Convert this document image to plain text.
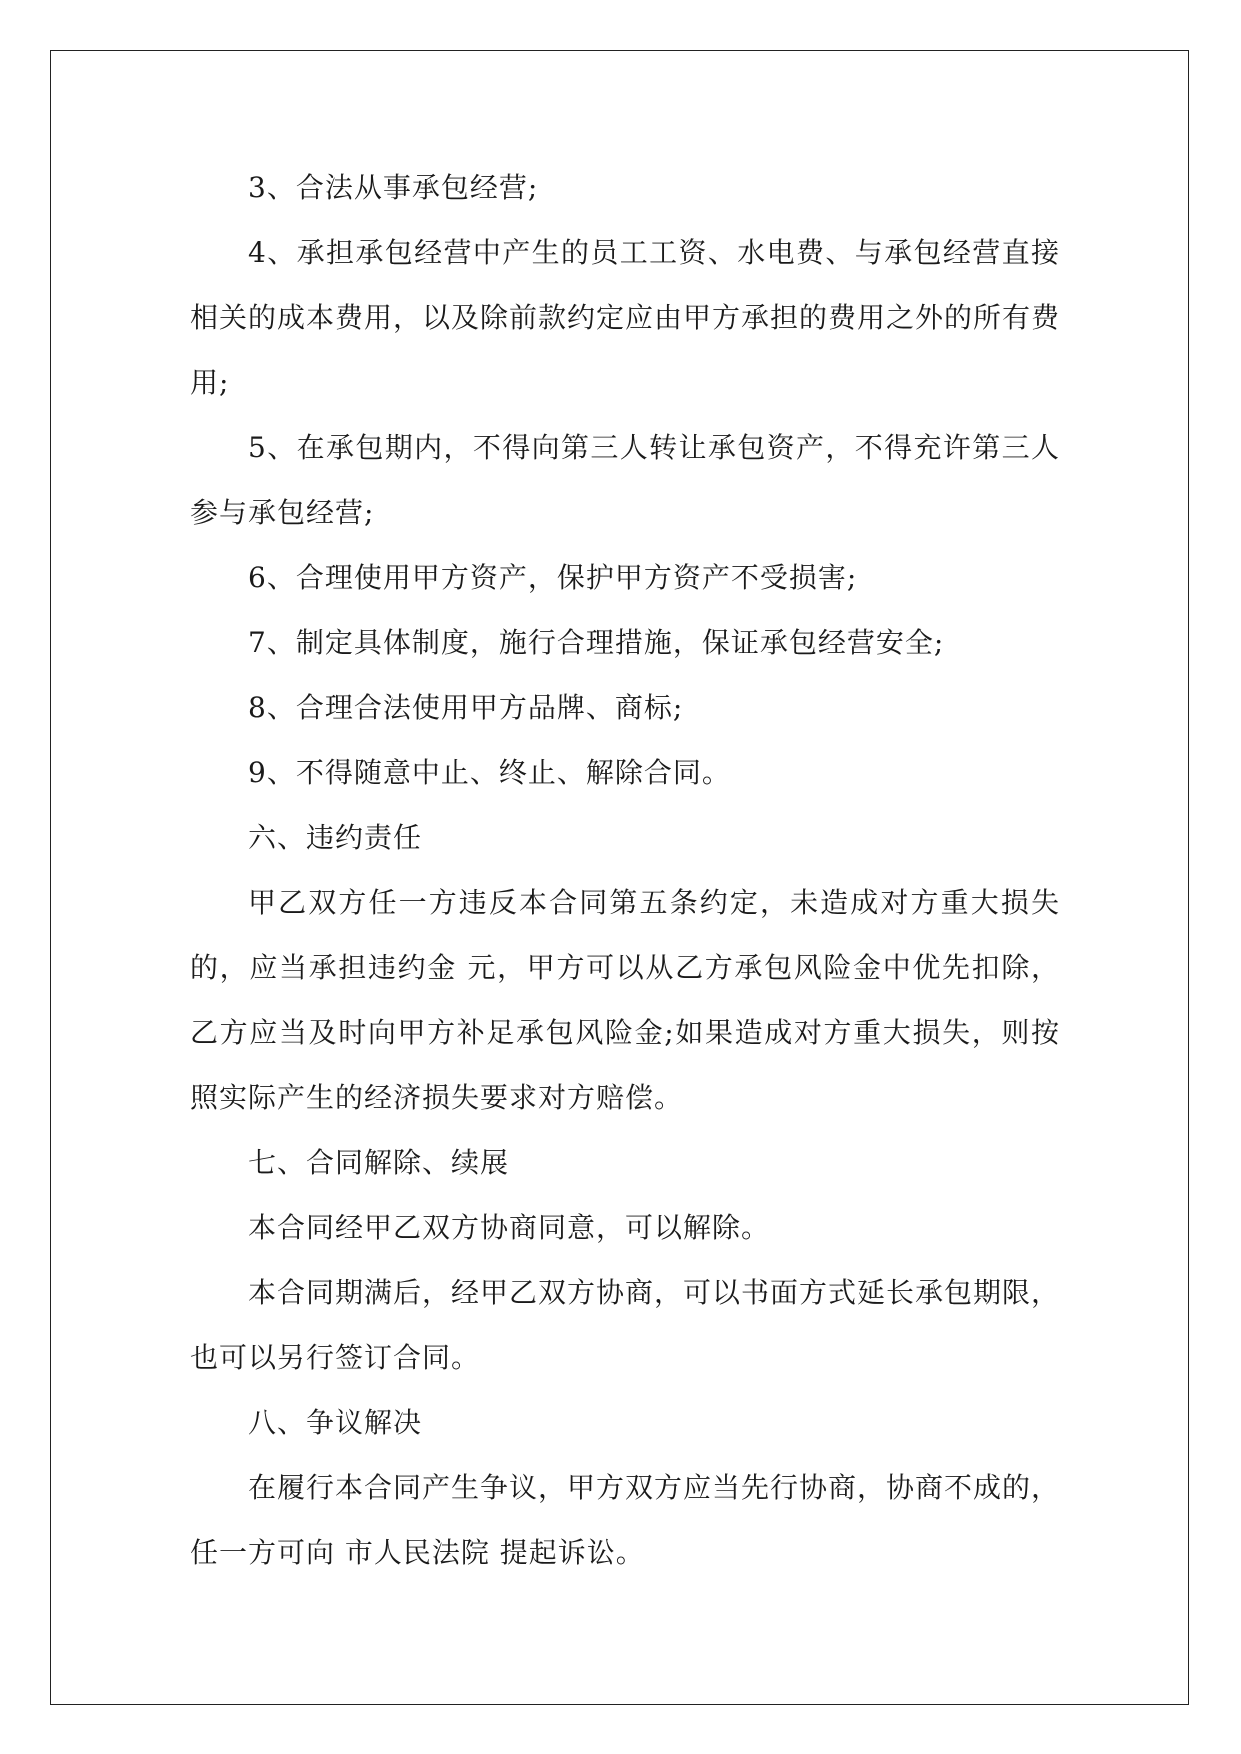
3、合法从事承包经营;

4、承担承包经营中产生的员工工资、水电费、与承包经营直接相关的成本费用，以及除前款约定应由甲方承担的费用之外的所有费用;

5、在承包期内，不得向第三人转让承包资产，不得充许第三人参与承包经营;

6、合理使用甲方资产，保护甲方资产不受损害;

7、制定具体制度，施行合理措施，保证承包经营安全;

8、合理合法使用甲方品牌、商标;

9、不得随意中止、终止、解除合同。

六、违约责任

甲乙双方任一方违反本合同第五条约定，未造成对方重大损失的，应当承担违约金 元，甲方可以从乙方承包风险金中优先扣除，乙方应当及时向甲方补足承包风险金;如果造成对方重大损失，则按照实际产生的经济损失要求对方赔偿。

七、合同解除、续展

本合同经甲乙双方协商同意，可以解除。

本合同期满后，经甲乙双方协商，可以书面方式延长承包期限，也可以另行签订合同。

八、争议解决

在履行本合同产生争议，甲方双方应当先行协商，协商不成的，任一方可向 市人民法院 提起诉讼。
